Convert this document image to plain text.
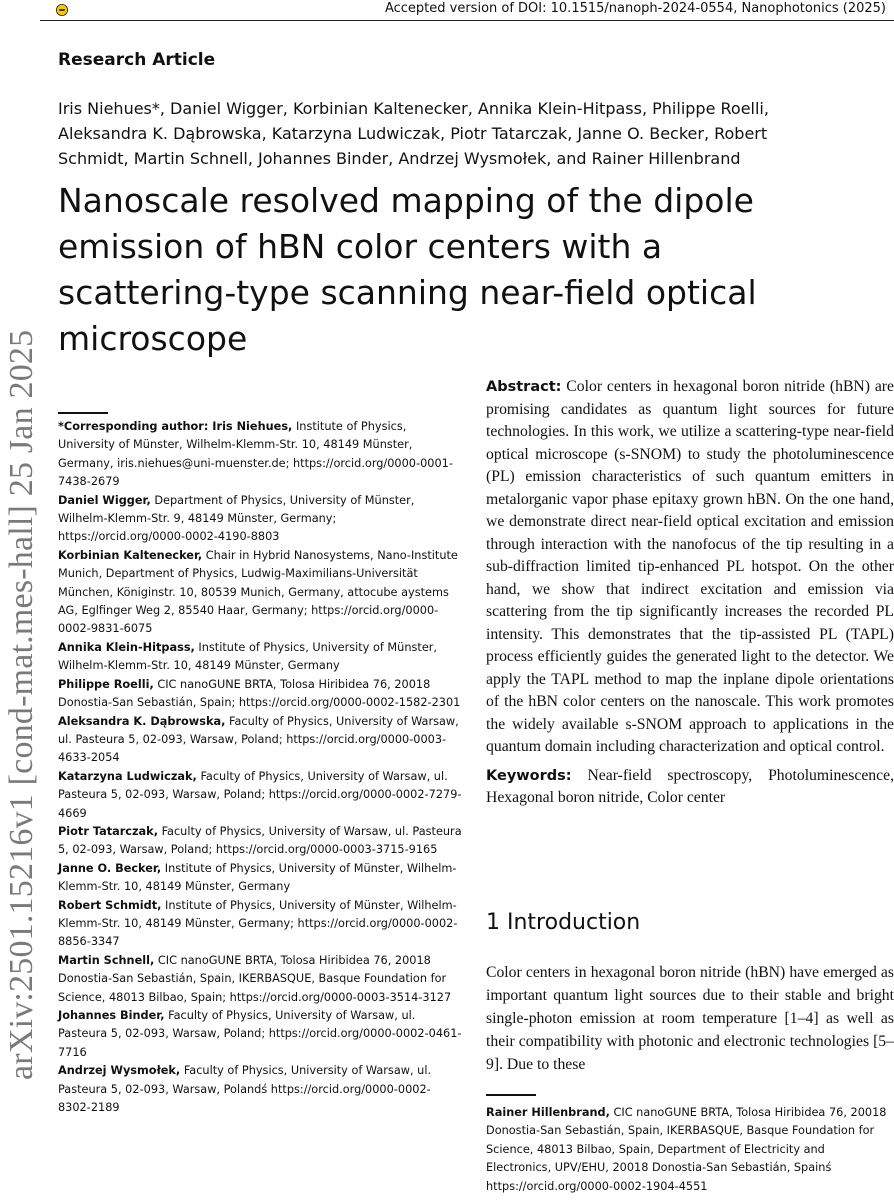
Accepted version of DOI: 10.1515/nanoph-2024-0554, Nanophotonics (2025)
arXiv:2501.15216v1 [cond-mat.mes-hall] 25 Jan 2025
Research Article
Iris Niehues*, Daniel Wigger, Korbinian Kaltenecker, Annika Klein-Hitpass, Philippe Roelli, Aleksandra K. Dąbrowska, Katarzyna Ludwiczak, Piotr Tatarczak, Janne O. Becker, Robert Schmidt, Martin Schnell, Johannes Binder, Andrzej Wysmołek, and Rainer Hillenbrand
Nanoscale resolved mapping of the dipole emission of hBN color centers with a scattering-type scanning near-field optical microscope

*Corresponding author: Iris Niehues, Institute of Physics, University of Münster, Wilhelm-Klemm-Str. 10, 48149 Münster, Germany, iris.niehues@uni-muenster.de; https://orcid.org/0000-0001-7438-2679

Daniel Wigger, Department of Physics, University of Münster, Wilhelm-Klemm-Str. 9, 48149 Münster, Germany; https://orcid.org/0000-0002-4190-8803

Korbinian Kaltenecker, Chair in Hybrid Nanosystems, Nano-Institute Munich, Department of Physics, Ludwig-Maximilians-Universität München, Königinstr. 10, 80539 Munich, Germany, attocube aystems AG, Eglfinger Weg 2, 85540 Haar, Germany; https://orcid.org/0000-0002-9831-6075

Annika Klein-Hitpass, Institute of Physics, University of Münster, Wilhelm-Klemm-Str. 10, 48149 Münster, Germany

Philippe Roelli, CIC nanoGUNE BRTA, Tolosa Hiribidea 76, 20018 Donostia-San Sebastián, Spain; https://orcid.org/0000-0002-1582-2301

Aleksandra K. Dąbrowska, Faculty of Physics, University of Warsaw, ul. Pasteura 5, 02-093, Warsaw, Poland; https://orcid.org/0000-0003-4633-2054

Katarzyna Ludwiczak, Faculty of Physics, University of Warsaw, ul. Pasteura 5, 02-093, Warsaw, Poland; https://orcid.org/0000-0002-7279-4669

Piotr Tatarczak, Faculty of Physics, University of Warsaw, ul. Pasteura 5, 02-093, Warsaw, Poland; https://orcid.org/0000-0003-3715-9165

Janne O. Becker, Institute of Physics, University of Münster, Wilhelm-Klemm-Str. 10, 48149 Münster, Germany

Robert Schmidt, Institute of Physics, University of Münster, Wilhelm-Klemm-Str. 10, 48149 Münster, Germany; https://orcid.org/0000-0002-8856-3347

Martin Schnell, CIC nanoGUNE BRTA, Tolosa Hiribidea 76, 20018 Donostia-San Sebastián, Spain, IKERBASQUE, Basque Foundation for Science, 48013 Bilbao, Spain; https://orcid.org/0000-0003-3514-3127

Johannes Binder, Faculty of Physics, University of Warsaw, ul. Pasteura 5, 02-093, Warsaw, Poland; https://orcid.org/0000-0002-0461-7716

Andrzej Wysmołek, Faculty of Physics, University of Warsaw, ul. Pasteura 5, 02-093, Warsaw, Polandś https://orcid.org/0000-0002-8302-2189

Abstract: Color centers in hexagonal boron nitride (hBN) are promising candidates as quantum light sources for future technologies. In this work, we utilize a scattering-type near-field optical microscope (s-SNOM) to study the photoluminescence (PL) emission characteristics of such quantum emitters in metalorganic vapor phase epitaxy grown hBN. On the one hand, we demonstrate direct near-field optical excitation and emission through interaction with the nanofocus of the tip resulting in a sub-diffraction limited tip-enhanced PL hotspot. On the other hand, we show that indirect excitation and emission via scattering from the tip significantly increases the recorded PL intensity. This demonstrates that the tip-assisted PL (TAPL) process efficiently guides the generated light to the detector. We apply the TAPL method to map the inplane dipole orientations of the hBN color centers on the nanoscale. This work promotes the widely available s-SNOM approach to applications in the quantum domain including characterization and optical control.
Keywords: Near-field spectroscopy, Photoluminescence, Hexagonal boron nitride, Color center
1 Introduction
Color centers in hexagonal boron nitride (hBN) have emerged as important quantum light sources due to their stable and bright single-photon emission at room temperature [1–4] as well as their compatibility with photonic and electronic technologies [5–9]. Due to these
Rainer Hillenbrand, CIC nanoGUNE BRTA, Tolosa Hiribidea 76, 20018 Donostia-San Sebastián, Spain, IKERBASQUE, Basque Foundation for Science, 48013 Bilbao, Spain, Department of Electricity and Electronics, UPV/EHU, 20018 Donostia-San Sebastián, Spainś https://orcid.org/0000-0002-1904-4551
